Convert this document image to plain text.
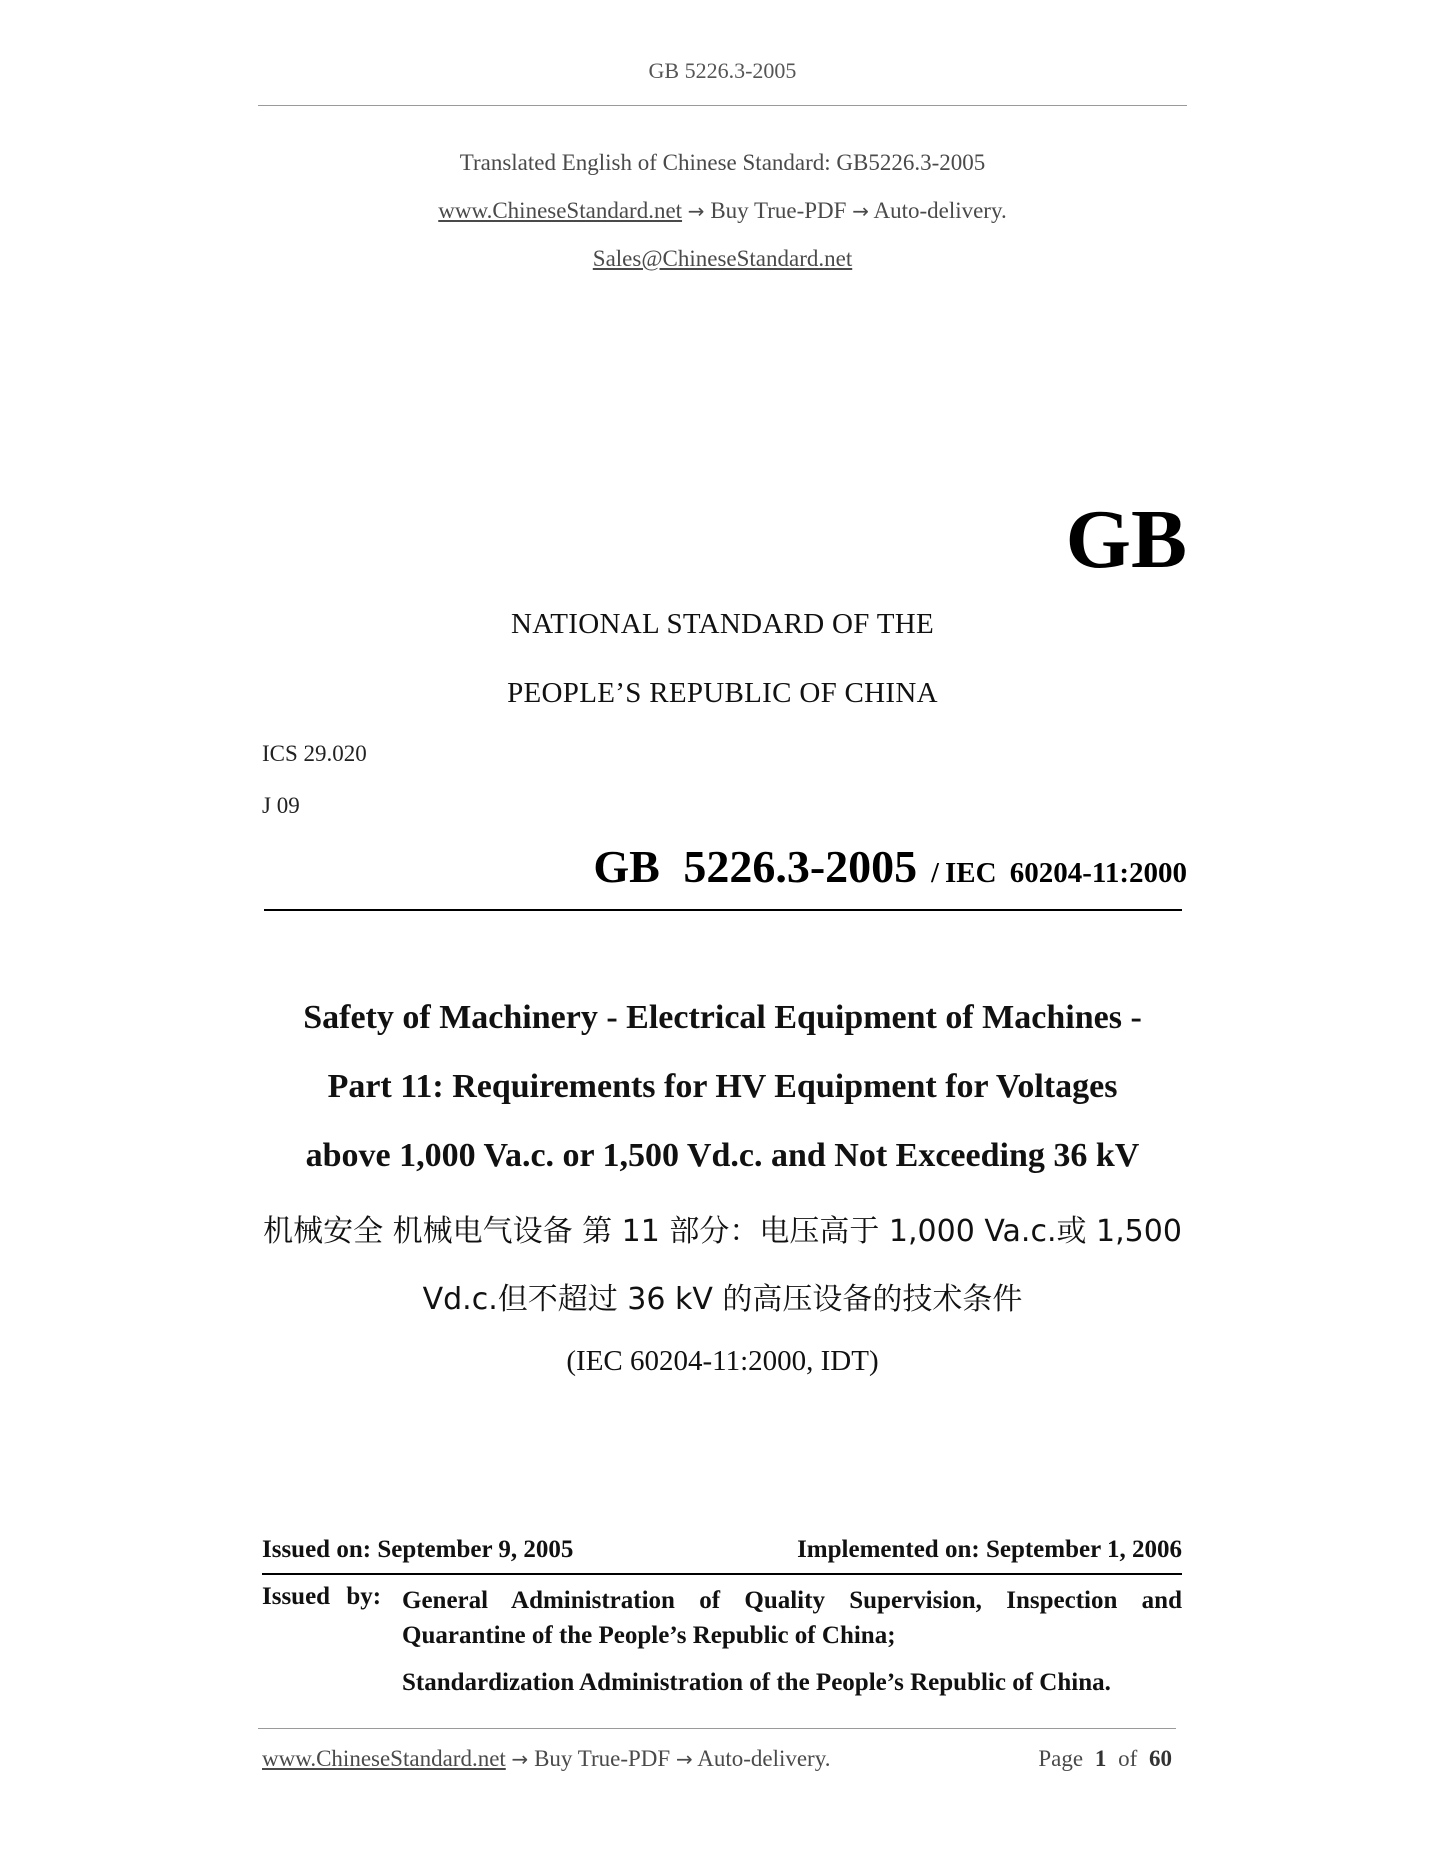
GB 5226.3-2005
Translated English of Chinese Standard: GB5226.3-2005
www.ChineseStandard.net → Buy True-PDF → Auto-delivery.
Sales@ChineseStandard.net
GB
NATIONAL STANDARD OF THE
PEOPLE’S REPUBLIC OF CHINA
ICS 29.020
J 09
GB 5226.3-2005 / IEC 60204-11:2000
Safety of Machinery - Electrical Equipment of Machines -
Part 11: Requirements for HV Equipment for Voltages
above 1,000 Va.c. or 1,500 Vd.c. and Not Exceeding 36 kV
机械安全 机械电气设备 第 11 部分：电压高于 1,000 Va.c.或 1,500
Vd.c.但不超过 36 kV 的高压设备的技术条件
(IEC 60204-11:2000, IDT)
Issued on: September 9, 2005	Implemented on: September 1, 2006
Issued by: General Administration of Quality Supervision, Inspection and
Quarantine of the People’s Republic of China;
Standardization Administration of the People’s Republic of China.
www.ChineseStandard.net → Buy True-PDF → Auto-delivery.	Page 1 of 60
